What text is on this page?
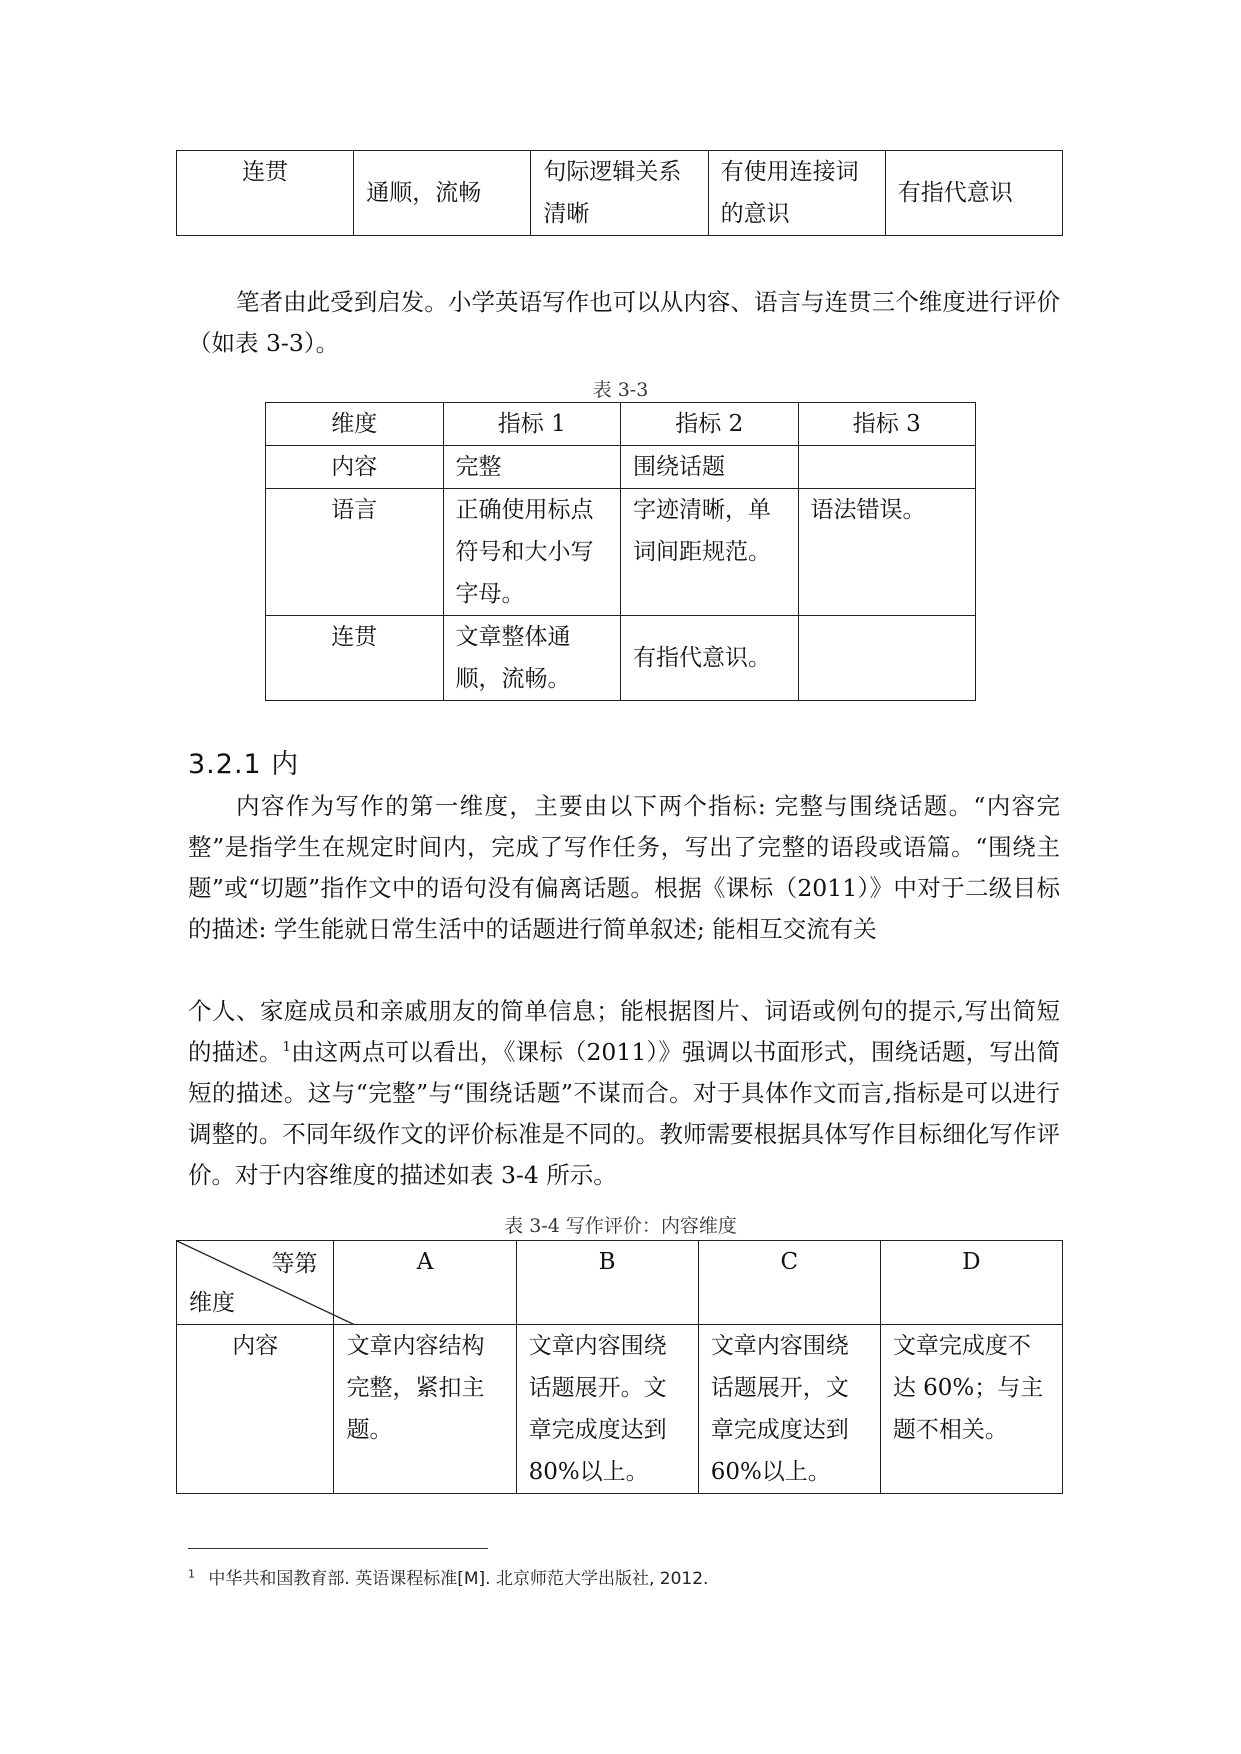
连贯	通顺，流畅	句际逻辑关系清晰	有使用连接词的意识	有指代意识

笔者由此受到启发。小学英语写作也可以从内容、语言与连贯三个维度进行评价（如表 3-3）。

表 3-3
维度	指标 1	指标 2	指标 3
内容	完整	围绕话题	
语言	正确使用标点符号和大小写字母。	字迹清晰，单词间距规范。	语法错误。
连贯	文章整体通顺，流畅。	有指代意识。	
3.2.1 内

内容作为写作的第一维度，主要由以下两个指标: 完整与围绕话题。“内容完整”是指学生在规定时间内，完成了写作任务，写出了完整的语段或语篇。“围绕主题”或“切题”指作文中的语句没有偏离话题。根据《课标（2011）》中对于二级目标的描述: 学生能就日常生活中的话题进行简单叙述; 能相互交流有关

个人、家庭成员和亲戚朋友的简单信息；能根据图片、词语或例句的提示,写出简短的描述。$^1$由这两点可以看出，《课标（2011）》强调以书面形式，围绕话题，写出简短的描述。这与“完整”与“围绕话题”不谋而合。对于具体作文而言,指标是可以进行调整的。不同年级作文的评价标准是不同的。教师需要根据具体写作目标细化写作评价。对于内容维度的描述如表 3-4 所示。

表 3-4 写作评价：内容维度
等第
维度	A	B	C	D
内容	文章内容结构完整，紧扣主题。	文章内容围绕话题展开。文章完成度达到 80%以上。	文章内容围绕话题展开，文章完成度达到 60%以上。	文章完成度不达 60%；与主题不相关。
$^1$ 中华共和国教育部. 英语课程标准[M]. 北京师范大学出版社, 2012.
